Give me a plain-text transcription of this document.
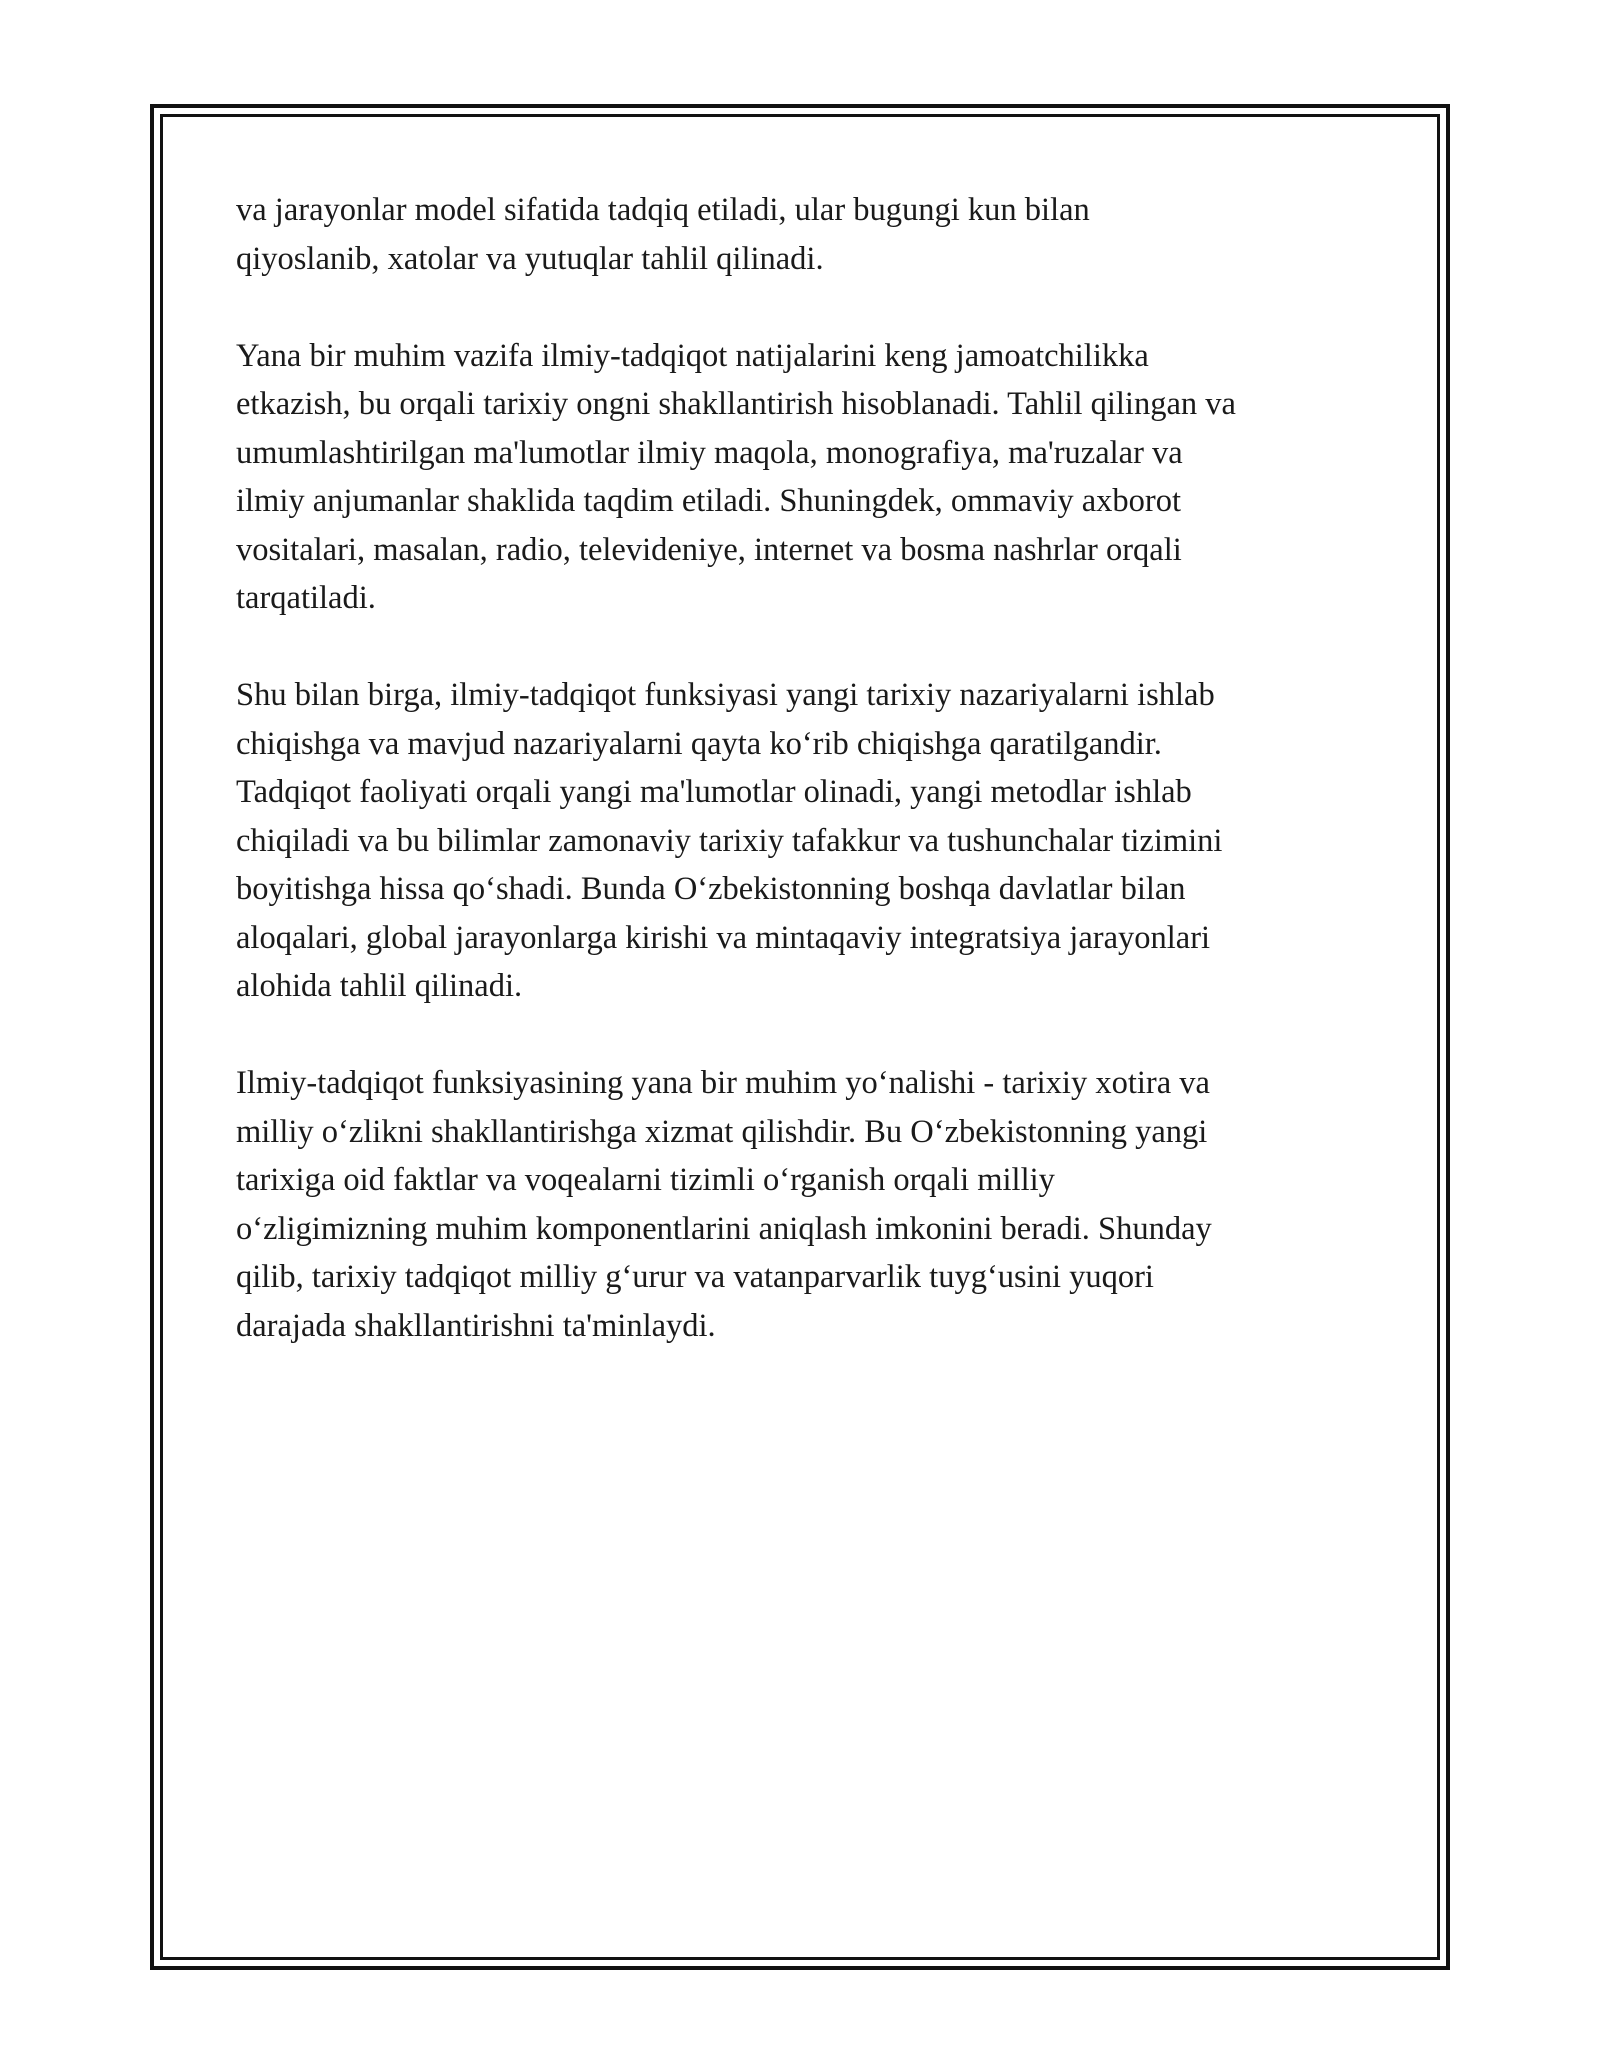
va jarayonlar model sifatida tadqiq etiladi, ular bugungi kun bilan
qiyoslanib, xatolar va yutuqlar tahlil qilinadi.

Yana bir muhim vazifa ilmiy-tadqiqot natijalarini keng jamoatchilikka
etkazish, bu orqali tarixiy ongni shakllantirish hisoblanadi. Tahlil qilingan va
umumlashtirilgan ma'lumotlar ilmiy maqola, monografiya, ma'ruzalar va
ilmiy anjumanlar shaklida taqdim etiladi. Shuningdek, ommaviy axborot
vositalari, masalan, radio, televideniye, internet va bosma nashrlar orqali
tarqatiladi.

Shu bilan birga, ilmiy-tadqiqot funksiyasi yangi tarixiy nazariyalarni ishlab
chiqishga va mavjud nazariyalarni qayta koʻrib chiqishga qaratilgandir.
Tadqiqot faoliyati orqali yangi ma'lumotlar olinadi, yangi metodlar ishlab
chiqiladi va bu bilimlar zamonaviy tarixiy tafakkur va tushunchalar tizimini
boyitishga hissa qoʻshadi. Bunda Oʻzbekistonning boshqa davlatlar bilan
aloqalari, global jarayonlarga kirishi va mintaqaviy integratsiya jarayonlari
alohida tahlil qilinadi.

Ilmiy-tadqiqot funksiyasining yana bir muhim yoʻnalishi - tarixiy xotira va
milliy oʻzlikni shakllantirishga xizmat qilishdir. Bu Oʻzbekistonning yangi
tarixiga oid faktlar va voqealarni tizimli oʻrganish orqali milliy
oʻzligimizning muhim komponentlarini aniqlash imkonini beradi. Shunday
qilib, tarixiy tadqiqot milliy gʻurur va vatanparvarlik tuygʻusini yuqori
darajada shakllantirishni ta'minlaydi.
